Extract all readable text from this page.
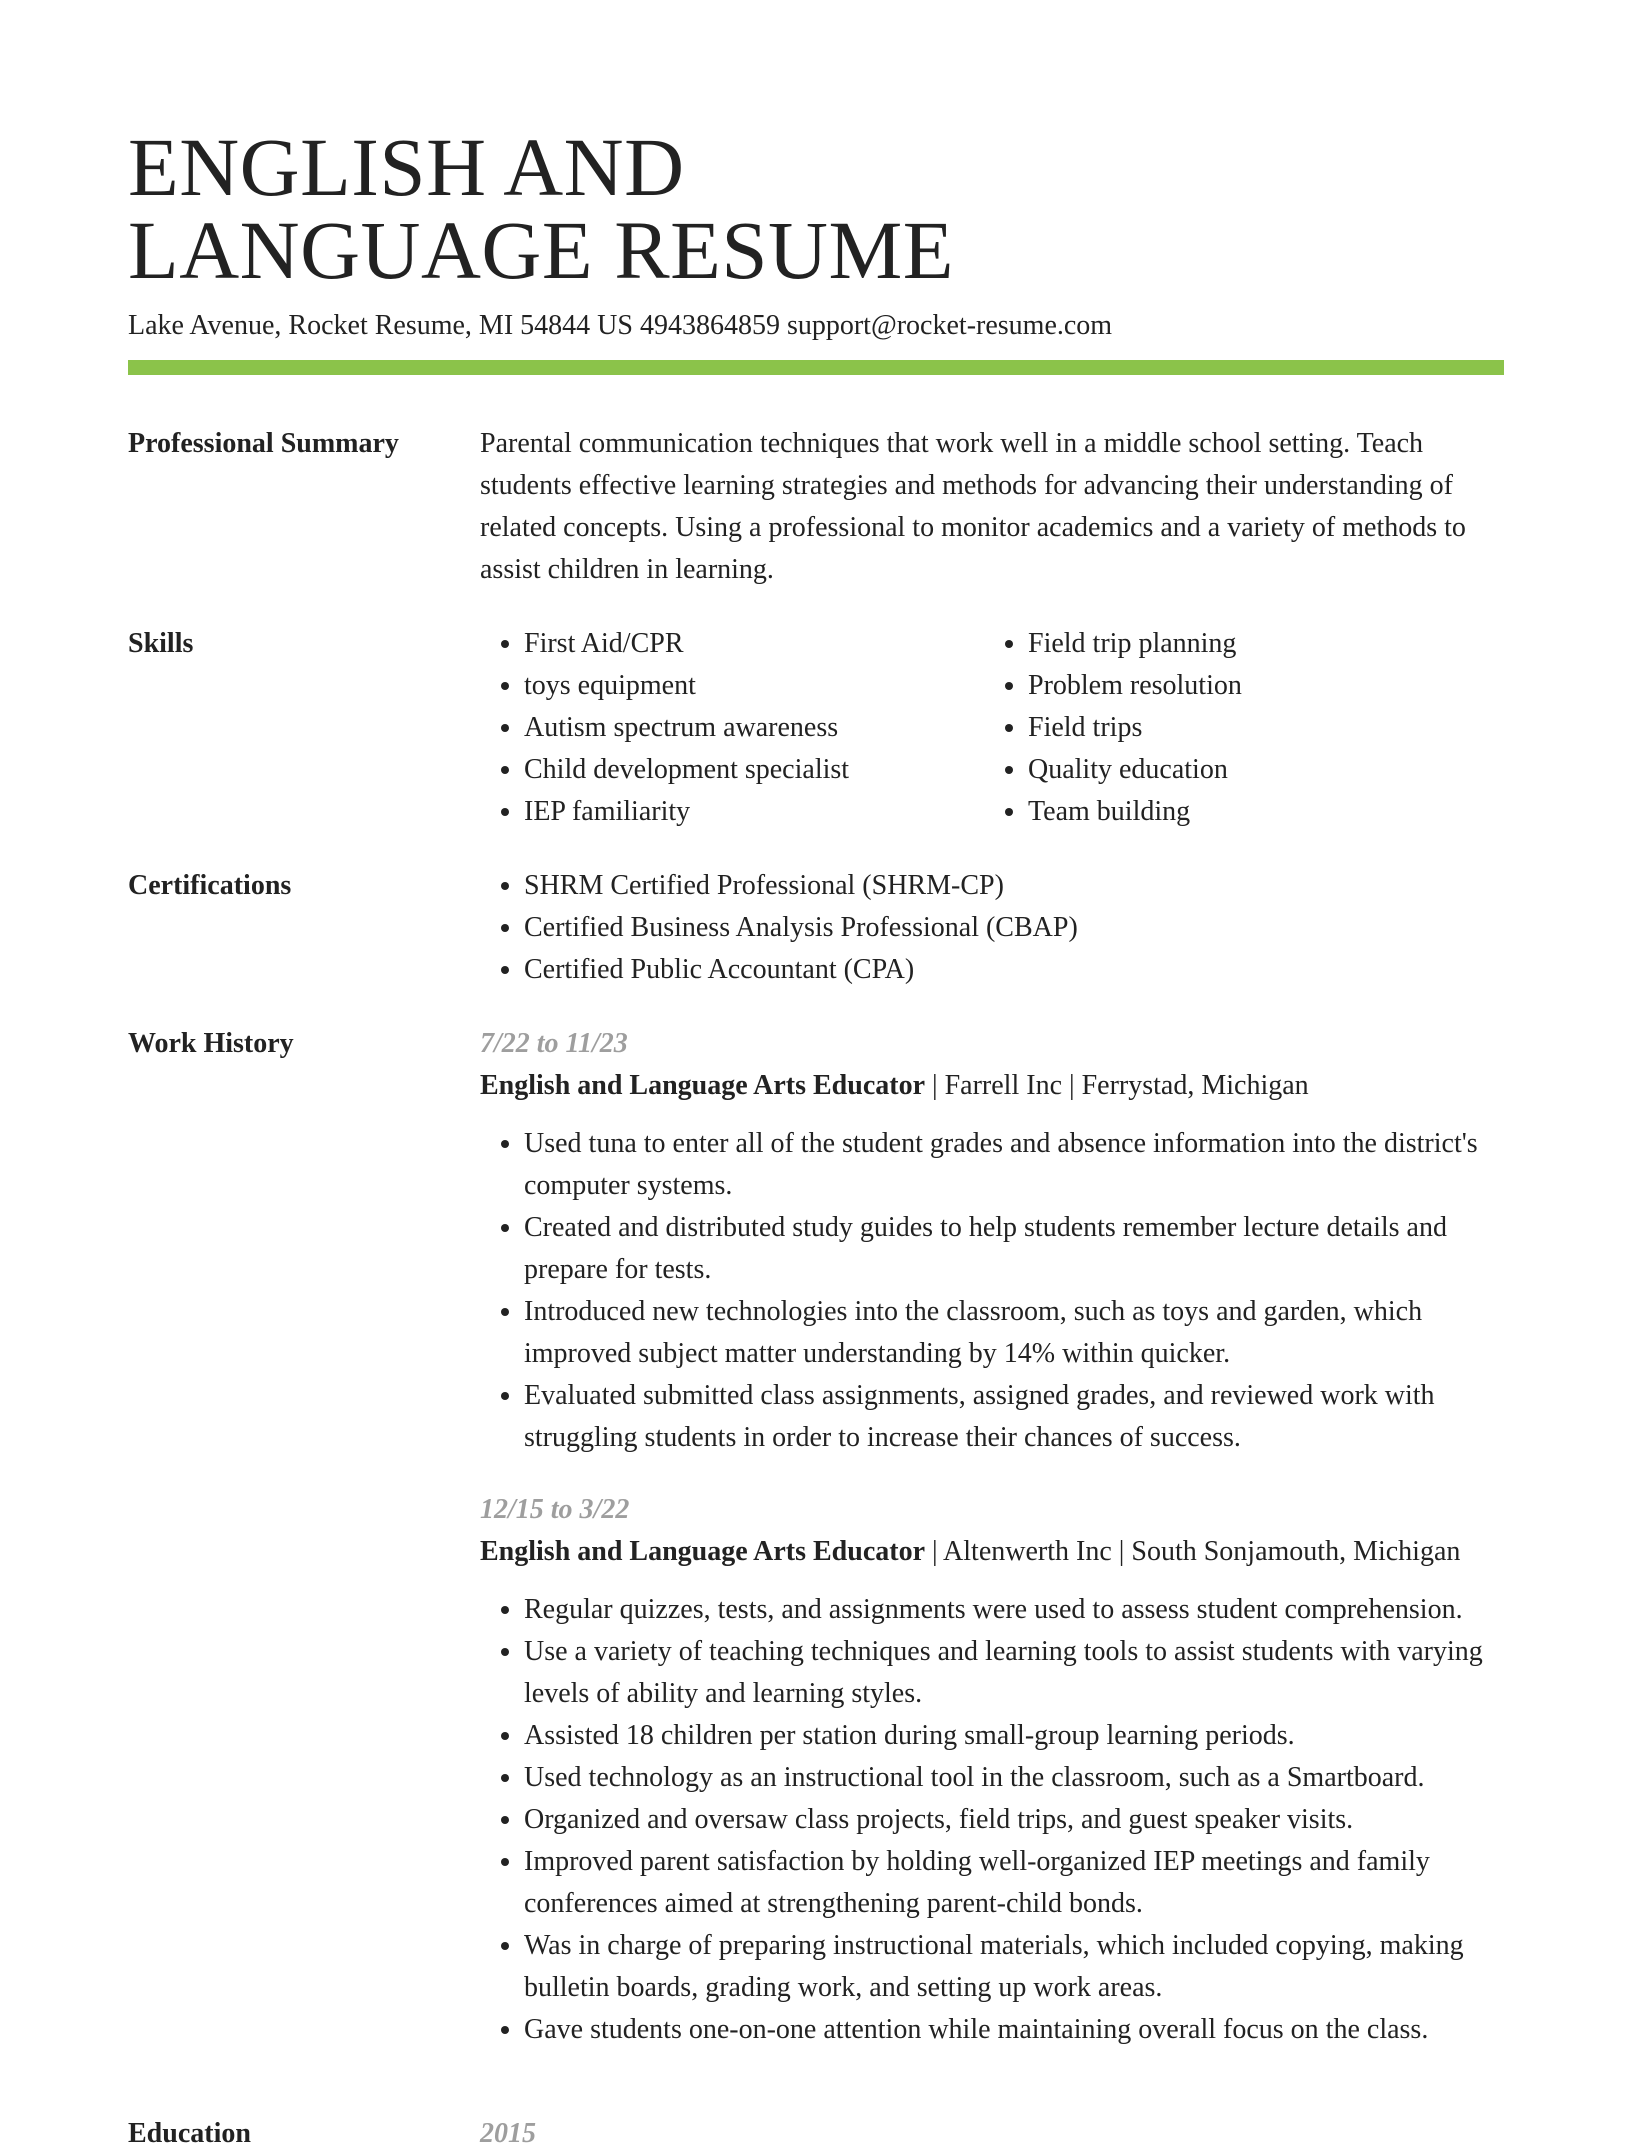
ENGLISH AND
LANGUAGE RESUME
Lake Avenue, Rocket Resume, MI 54844 US 4943864859 support@rocket-resume.com
Professional Summary	Parental communication techniques that work well in a middle school setting. Teach students effective learning strategies and methods for advancing their understanding of related concepts. Using a professional to monitor academics and a variety of methods to assist children in learning.
Skills	• First Aid/CPR
• toys equipment
• Autism spectrum awareness
• Child development specialist
• IEP familiarity
• Field trip planning
• Problem resolution
• Field trips
• Quality education
• Team building
Certifications	• SHRM Certified Professional (SHRM-CP)
• Certified Business Analysis Professional (CBAP)
• Certified Public Accountant (CPA)
Work History	7/22 to 11/23
English and Language Arts Educator | Farrell Inc | Ferrystad, Michigan
• Used tuna to enter all of the student grades and absence information into the district's computer systems.
• Created and distributed study guides to help students remember lecture details and prepare for tests.
• Introduced new technologies into the classroom, such as toys and garden, which improved subject matter understanding by 14% within quicker.
• Evaluated submitted class assignments, assigned grades, and reviewed work with struggling students in order to increase their chances of success.
12/15 to 3/22
English and Language Arts Educator | Altenwerth Inc | South Sonjamouth, Michigan
• Regular quizzes, tests, and assignments were used to assess student comprehension.
• Use a variety of teaching techniques and learning tools to assist students with varying levels of ability and learning styles.
• Assisted 18 children per station during small-group learning periods.
• Used technology as an instructional tool in the classroom, such as a Smartboard.
• Organized and oversaw class projects, field trips, and guest speaker visits.
• Improved parent satisfaction by holding well-organized IEP meetings and family conferences aimed at strengthening parent-child bonds.
• Was in charge of preparing instructional materials, which included copying, making bulletin boards, grading work, and setting up work areas.
• Gave students one-on-one attention while maintaining overall focus on the class.
Education	2015
